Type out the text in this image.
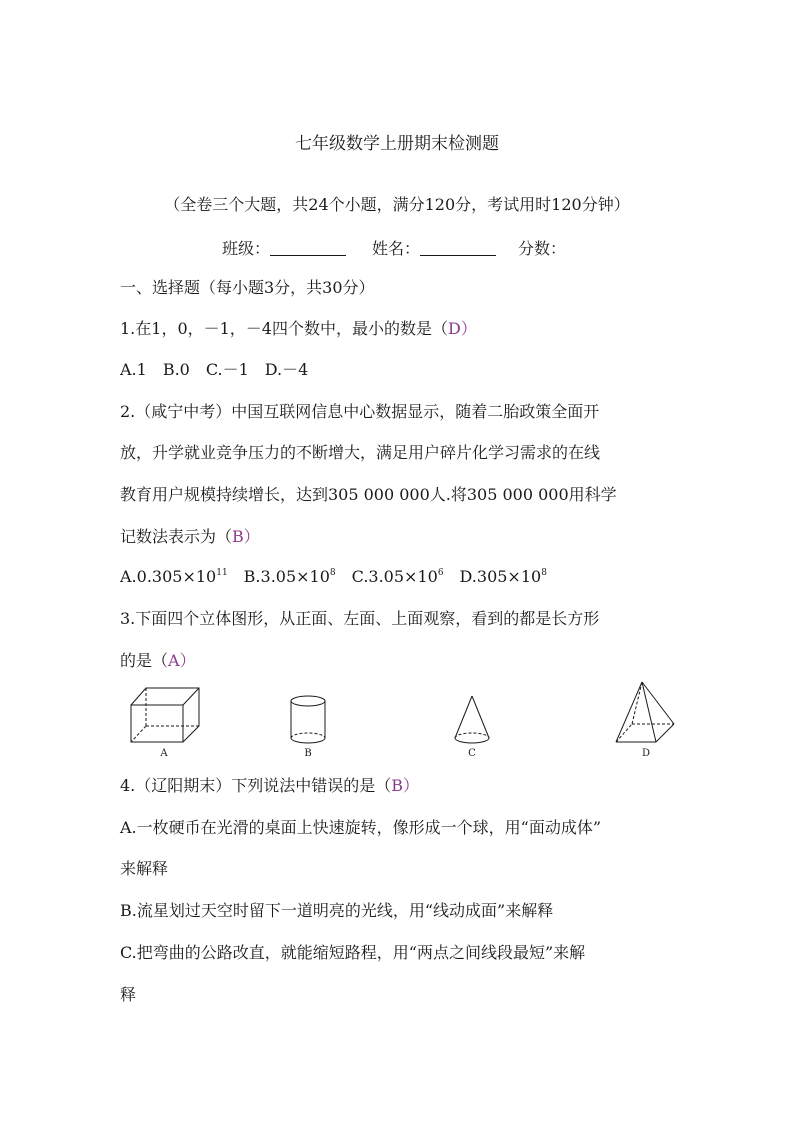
七年级数学上册期末检测题
（全卷三个大题，共24个小题，满分120分，考试用时120分钟）
班级：	姓名：	分数：
一、选择题（每小题3分，共30分）
1.在1，0，－1，－4四个数中，最小的数是（D）
A.1　B.0　C.－1　D.－4
2.（咸宁中考）中国互联网信息中心数据显示，随着二胎政策全面开
放，升学就业竞争压力的不断增大，满足用户碎片化学习需求的在线
教育用户规模持续增长，达到305 000 000人.将305 000 000用科学
记数法表示为（B）
$A.0.305\times 10^{11}$　$B.3.05\times 10^8$　$C.3.05\times 10^6$　$D.305\times 10^8$
3.下面四个立体图形，从正面、左面、上面观察，看到的都是长方形
的是（A）
A	B	C	D
4.（辽阳期末）下列说法中错误的是（B）
A.一枚硬币在光滑的桌面上快速旋转，像形成一个球，用“面动成体”
来解释
B.流星划过天空时留下一道明亮的光线，用“线动成面”来解释
C.把弯曲的公路改直，就能缩短路程，用“两点之间线段最短”来解
释
